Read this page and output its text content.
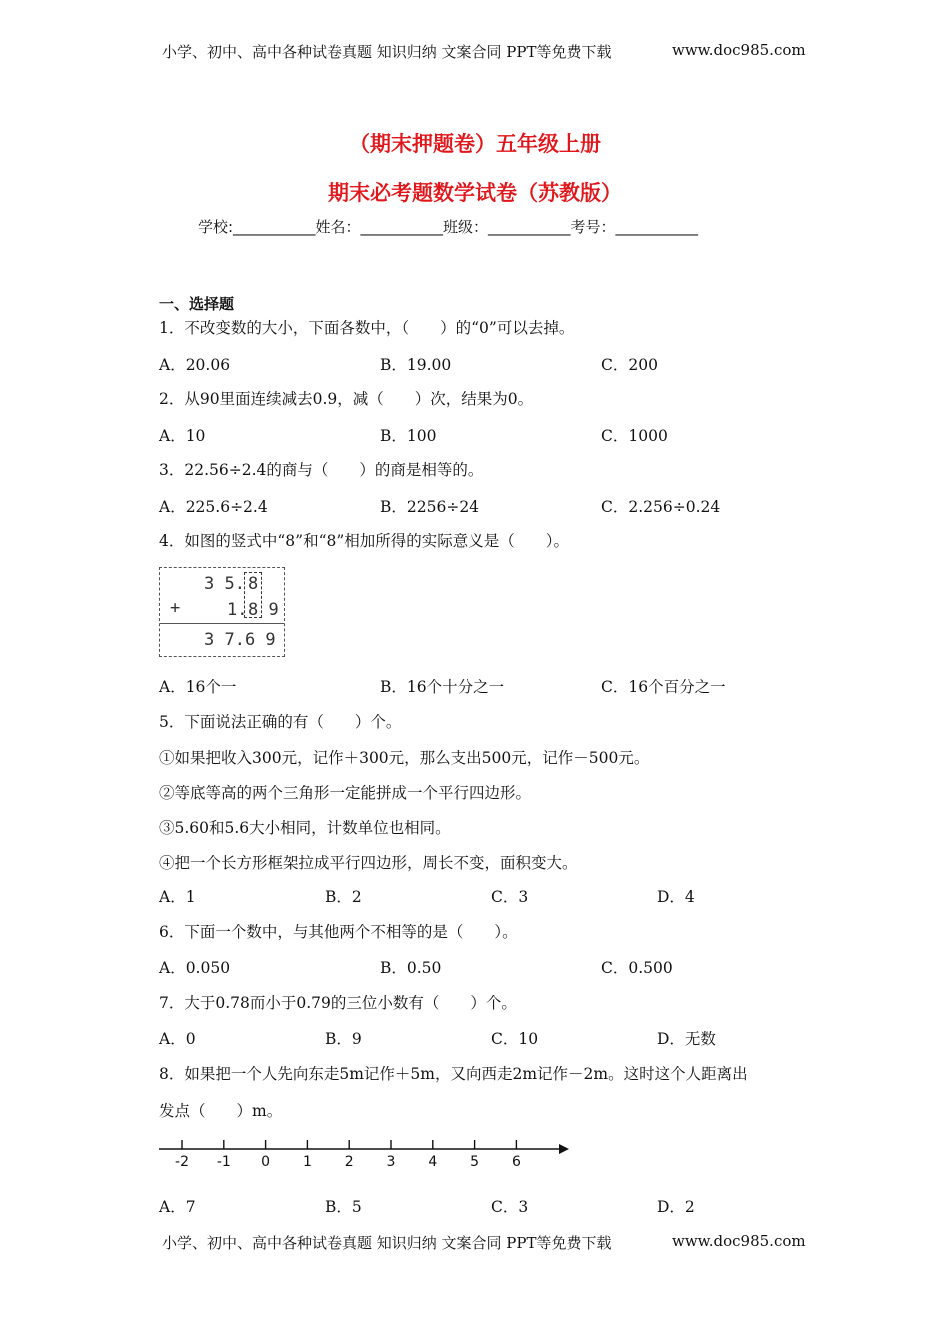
小学、初中、高中各种试卷真题 知识归纳 文案合同 PPT等免费下载	www.doc985.com
（期末押题卷）五年级上册
期末必考题数学试卷（苏教版）
学校:___________姓名：___________班级：___________考号：___________
一、选择题
1．不改变数的大小，下面各数中，（　　）的“0”可以去掉。
A．20.06	B．19.00	C．200
2．从90里面连续减去0.9，减（　　）次，结果为0。
A．10	B．100	C．1000
3．22.56÷2.4的商与（　　）的商是相等的。
A．225.6÷2.4	B．2256÷24	C．2.256÷0.24
4．如图的竖式中“8”和“8”相加所得的实际意义是（　　）。
3 5. 8
+	1. 8 9
3 7.6 9
A．16个一	B．16个十分之一	C．16个百分之一
5．下面说法正确的有（　　）个。
①如果把收入300元，记作＋300元，那么支出500元，记作－500元。
②等底等高的两个三角形一定能拼成一个平行四边形。
③5.60和5.6大小相同，计数单位也相同。
④把一个长方形框架拉成平行四边形，周长不变，面积变大。
A．1	B．2	C．3	D．4
6．下面一个数中，与其他两个不相等的是（　　）。
A．0.050	B．0.50	C．0.500
7．大于0.78而小于0.79的三位小数有（　　）个。
A．0	B．9	C．10	D．无数
8．如果把一个人先向东走5m记作＋5m，又向西走2m记作－2m。这时这个人距离出
发点（　　）m。
-2 -1 0 1 2 3 4 5 6
A．7	B．5	C．3	D．2
小学、初中、高中各种试卷真题 知识归纳 文案合同 PPT等免费下载	www.doc985.com
